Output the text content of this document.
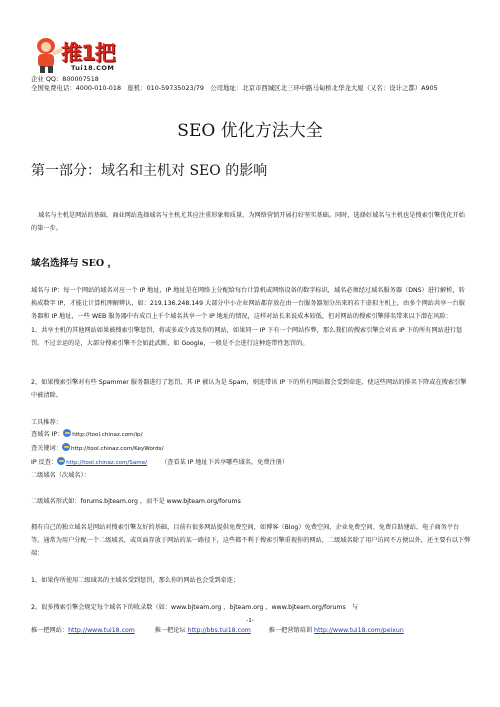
推1把
Tui18.COM
企业 QQ：800007518
全国免费电话：4000-010-018　座机：010-59735023/79　公司地址：北京市西城区北三环中路马甸桥北华龙大厦（又名：设计之都）A905
SEO 优化方法大全
第一部分：域名和主机对 SEO 的影响
域名与主机是网站的基础，商业网站选择域名与主机尤其应注重形象和质量，为网络营销开展打好坚实基础。同时，选择好域名与主机也是搜索引擎优化开始的第一步。
域名选择与 SEO ，
域名与 IP：每一个网站的域名对应一个 IP 地址，IP 地址是在网络上分配给每台计算机或网络设备的数字标识，域名必须经过域名服务器（DNS）进行解析，转换成数字 IP，才能让计算机理解辨认，如：219.136.248.149 大部分中小企业网站都存放在由一台服务器划分出来的若干虚拟主机上，由多个网站共享一台服务器和 IP 地址，一些 WEB 服务器中有成百上千个域名共享一个 IP 地址的情况，这样对站长来说成本较低，但对网站的搜索引擎排名带来以下潜在风险：
1、共享主机的其他网站如果被搜索引擎惩罚，将或多或少波及你的网站，如果同一 IP 下有一个网站作弊，那么我们的搜索引擎会对该 IP 下的所有网站进行惩罚。不过幸运的是，大部分搜索引擎不会如此武断，如 Google，一般是不会进行这种连带性惩罚的。
2、如果搜索引擎对有些 Spammer 服务器进行了惩罚，其 IP 被认为是 Spam，则连带该 IP 下的所有网站都会受到牵连，使这些网站的排名下降或在搜索引擎中被清除。
工具推荐：
查域名 IP： http://tool.chinaz.com/ip/
查关键词： http://tool.chinaz.com/KeyWords/
IP 反查： http://tool.chinaz.com/Same/ （查看某 IP 地址下共享哪些域名，免费注册）
二级域名（次域名）：
二级域名形式如：forums.bjteam.org ，而不是 www.bjteam.org/forums
拥有自己的独立域名是网站对搜索引擎友好的基础，目前有很多网站提供免费空间，如博客（Blog）免费空间、企业免费空间、免费自助建站、电子商务平台等，通常为用户分配一个二级域名，或页面存放于网站的某一路径下，这些都不利于搜索引擎重视你的网站，二级域名除了用户访问不方便以外，还主要有以下弊端：
1、如果你所使用二级域名的主域名受到惩罚，那么你的网站也会受到牵连；
2、很多搜索引擎会规定每个域名下的收录数（如：www.bjteam.org 、bjteam.org 、www.bjteam.org/forums　与
-1-
推一把网站：http://www.tui18.com	推一把论坛 http://bbs.tui18.com	推一把营销培训 http://www.tui18.com/peixun
